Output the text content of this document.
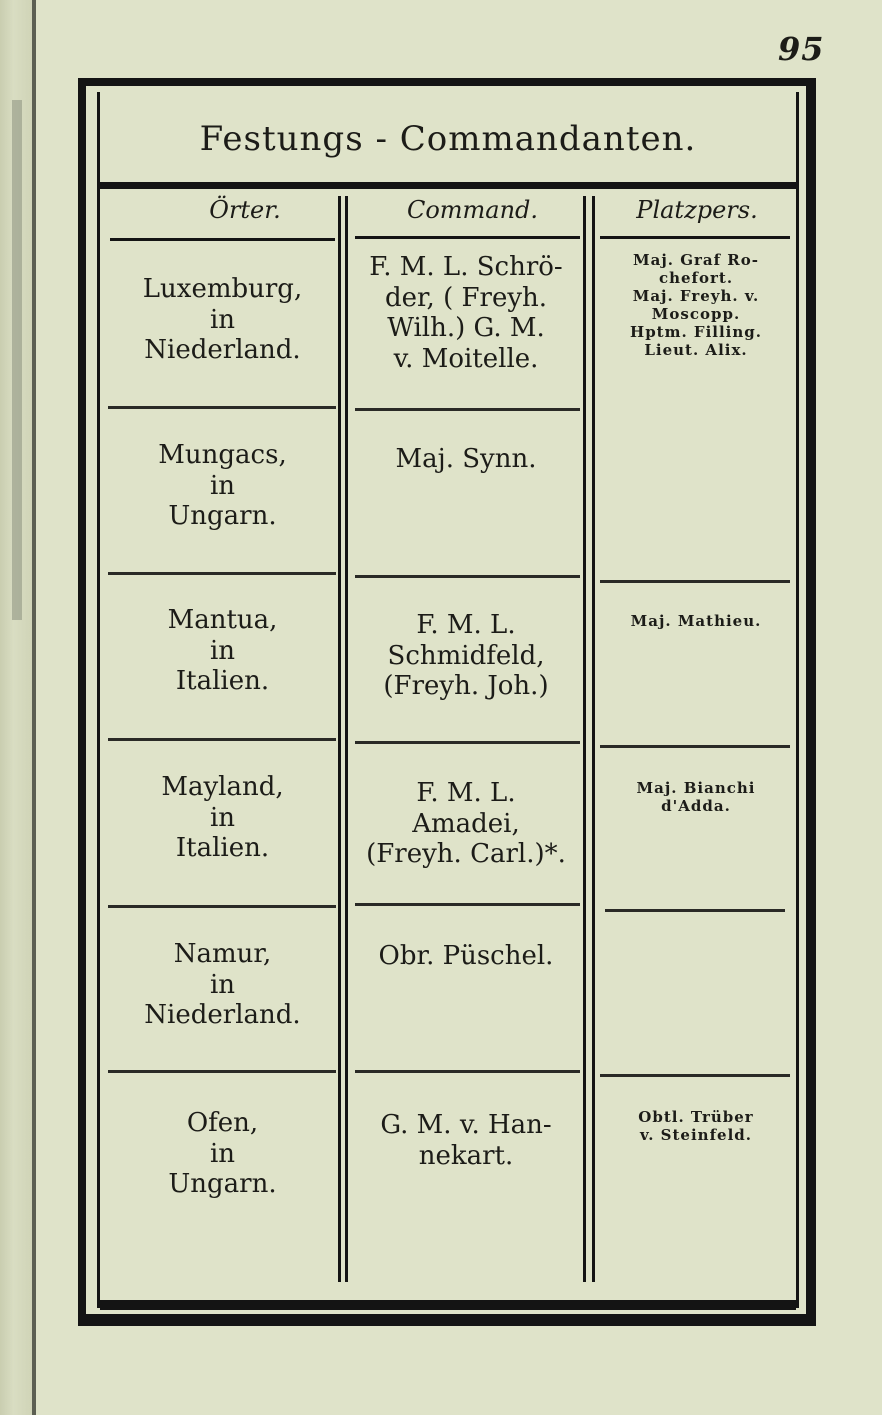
95
Festungs - Commandanten.
Örter.	Command.	Platzpers.
Luxemburg,
in
Niederland.
F. M. L. Schrö-
der, ( Freyh.
Wilh.) G. M.
v. Moitelle.
Maj. Graf Ro-
chefort.
Maj. Freyh. v.
Moscopp.
Hptm. Filling.
Lieut. Alix.
Mungacs,
in
Ungarn.
Maj. Synn.
Mantua,
in
Italien.
F. M. L.
Schmidfeld,
(Freyh. Joh.)
Maj. Mathieu.
Mayland,
in
Italien.
F. M. L.
Amadei,
(Freyh. Carl.)*.
Maj. Bianchi
d'Adda.
Namur,
in
Niederland.
Obr. Püschel.
Ofen,
in
Ungarn.
G. M. v. Han-
nekart.
Obtl. Trüber
v. Steinfeld.
